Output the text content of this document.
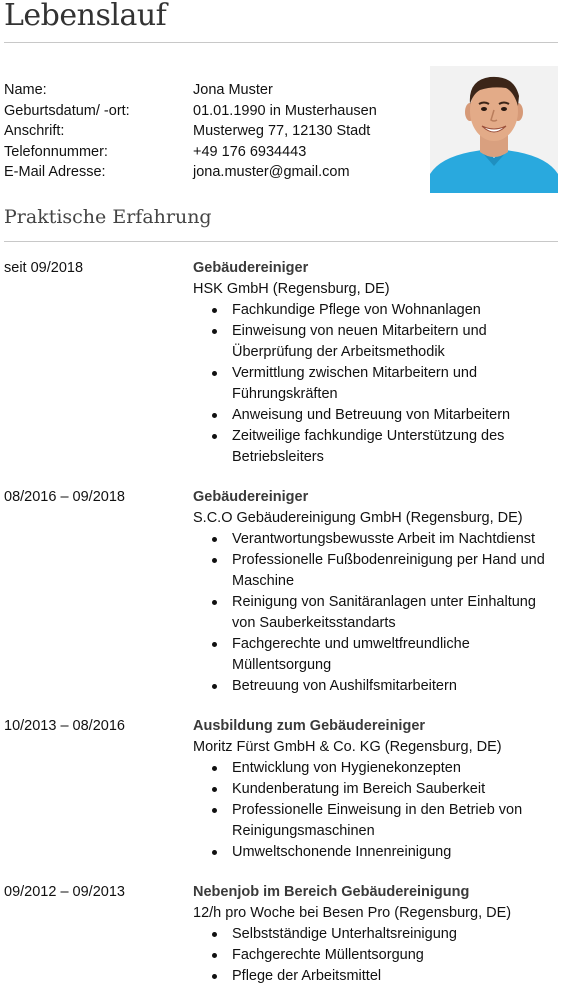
Lebenslauf
Name:	Jona Muster
Geburtsdatum/ -ort:	01.01.1990 in Musterhausen
Anschrift:	Musterweg 77, 12130 Stadt
Telefonnummer:	+49 176 6934443
E-Mail Adresse:	jona.muster@gmail.com
Praktische Erfahrung
seit 09/2018	Gebäudereiniger
HSK GmbH (Regensburg, DE)
Fachkundige Pflege von Wohnanlagen
Einweisung von neuen Mitarbeitern und Überprüfung der Arbeitsmethodik
Vermittlung zwischen Mitarbeitern und Führungskräften
Anweisung und Betreuung von Mitarbeitern
Zeitweilige fachkundige Unterstützung des Betriebsleiters
08/2016 – 09/2018	Gebäudereiniger
S.C.O Gebäudereinigung GmbH (Regensburg, DE)
Verantwortungsbewusste Arbeit im Nachtdienst
Professionelle Fußbodenreinigung per Hand und Maschine
Reinigung von Sanitäranlagen unter Einhaltung von Sauberkeitsstandarts
Fachgerechte und umweltfreundliche Müllentsorgung
Betreuung von Aushilfsmitarbeitern
10/2013 – 08/2016	Ausbildung zum Gebäudereiniger
Moritz Fürst GmbH & Co. KG (Regensburg, DE)
Entwicklung von Hygienekonzepten
Kundenberatung im Bereich Sauberkeit
Professionelle Einweisung in den Betrieb von Reinigungsmaschinen
Umweltschonende Innenreinigung
09/2012 – 09/2013	Nebenjob im Bereich Gebäudereinigung
12/h pro Woche bei Besen Pro (Regensburg, DE)
Selbstständige Unterhaltsreinigung
Fachgerechte Müllentsorgung
Pflege der Arbeitsmittel
